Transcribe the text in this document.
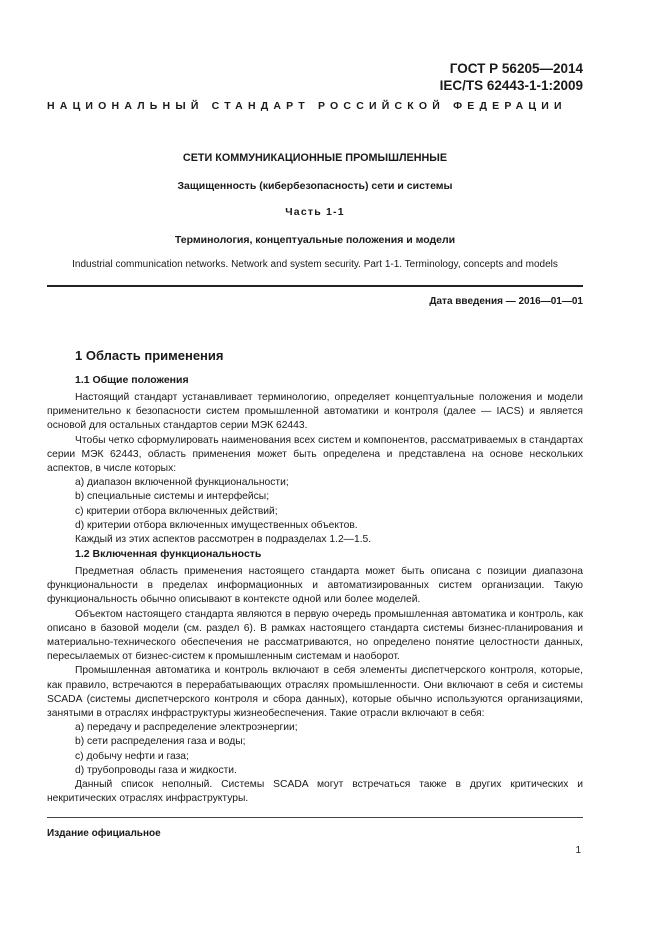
ГОСТ Р 56205—2014
IEC/TS 62443-1-1:2009
НАЦИОНАЛЬНЫЙ СТАНДАРТ РОССИЙСКОЙ ФЕДЕРАЦИИ
СЕТИ КОММУНИКАЦИОННЫЕ ПРОМЫШЛЕННЫЕ
Защищенность (кибербезопасность) сети и системы
Часть 1-1
Терминология, концептуальные положения и модели
Industrial communication networks. Network and system security. Part 1-1. Terminology, concepts and models
Дата введения — 2016—01—01
1 Область применения
1.1 Общие положения

Настоящий стандарт устанавливает терминологию, определяет концептуальные положения и модели применительно к безопасности систем промышленной автоматики и контроля (далее — IACS) и является основой для остальных стандартов серии МЭК 62443.

Чтобы четко сформулировать наименования всех систем и компонентов, рассматриваемых в стандартах серии МЭК 62443, область применения может быть определена и представлена на основе нескольких аспектов, в числе которых:

a) диапазон включенной функциональности;

b) специальные системы и интерфейсы;

c) критерии отбора включенных действий;

d) критерии отбора включенных имущественных объектов.

Каждый из этих аспектов рассмотрен в подразделах 1.2—1.5.

1.2 Включенная функциональность

Предметная область применения настоящего стандарта может быть описана с позиции диапазона функциональности в пределах информационных и автоматизированных систем организации. Такую функциональность обычно описывают в контексте одной или более моделей.

Объектом настоящего стандарта являются в первую очередь промышленная автоматика и контроль, как описано в базовой модели (см. раздел 6). В рамках настоящего стандарта системы бизнес-планирования и материально-технического обеспечения не рассматриваются, но определено понятие целостности данных, пересылаемых от бизнес-систем к промышленным системам и наоборот.

Промышленная автоматика и контроль включают в себя элементы диспетчерского контроля, которые, как правило, встречаются в перерабатывающих отраслях промышленности. Они включают в себя и системы SCADA (системы диспетчерского контроля и сбора данных), которые обычно используются организациями, занятыми в отраслях инфраструктуры жизнеобеспечения. Такие отрасли включают в себя:

a) передачу и распределение электроэнергии;

b) сети распределения газа и воды;

c) добычу нефти и газа;

d) трубопроводы газа и жидкости.

Данный список неполный. Системы SCADA могут встречаться также в других критических и некритических отраслях инфраструктуры.

Издание официальное
1
